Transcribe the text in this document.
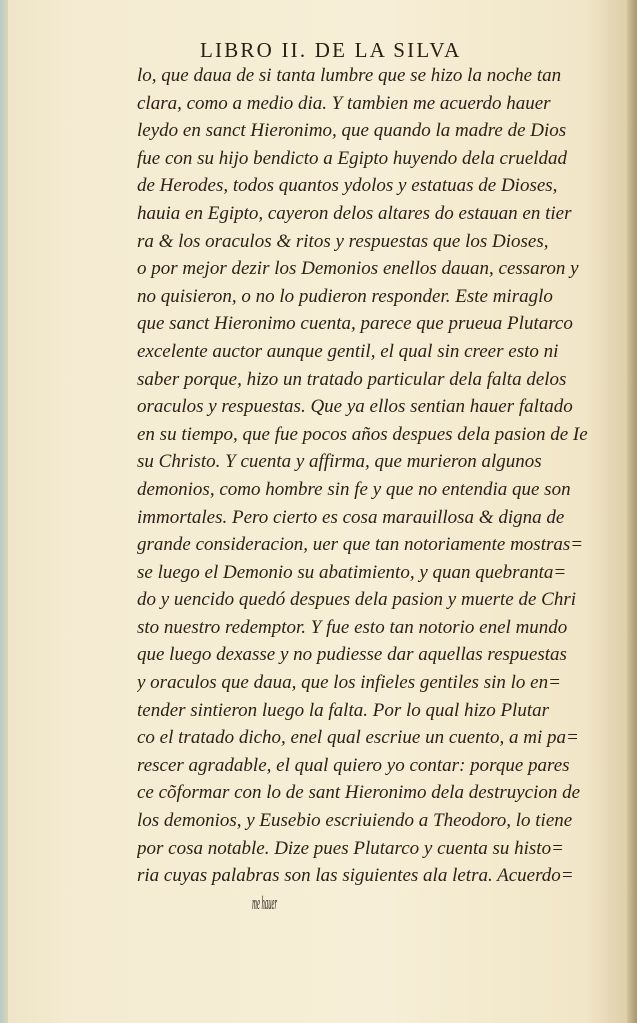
LIBRO II. DE LA SILVA
lo, que daua de si tanta lumbre que se hizo la noche tan
clara, como a medio dia. Y tambien me acuerdo hauer
leydo en sanct Hieronimo, que quando la madre de Dios
fue con su hijo bendicto a Egipto huyendo dela crueldad
de Herodes, todos quantos ydolos y estatuas de Dioses,
hauia en Egipto, cayeron delos altares do estauan en tier
ra & los oraculos & ritos y respuestas que los Dioses,
o por mejor dezir los Demonios enellos dauan, cessaron y
no quisieron, o no lo pudieron responder. Este miraglo
que sanct Hieronimo cuenta, parece que prueua Plutarco
excelente auctor aunque gentil, el qual sin creer esto ni
saber porque, hizo un tratado particular dela falta delos
oraculos y respuestas. Que ya ellos sentian hauer faltado
en su tiempo, que fue pocos años despues dela pasion de Ie
su Christo. Y cuenta y affirma, que murieron algunos
demonios, como hombre sin fe y que no entendia que son
immortales. Pero cierto es cosa marauillosa & digna de
grande consideracion, uer que tan notoriamente mostras=
se luego el Demonio su abatimiento, y quan quebranta=
do y uencido quedó despues dela pasion y muerte de Chri
sto nuestro redemptor. Y fue esto tan notorio enel mundo
que luego dexasse y no pudiesse dar aquellas respuestas
y oraculos que daua, que los infieles gentiles sin lo en=
tender sintieron luego la falta. Por lo qual hizo Plutar
co el tratado dicho, enel qual escriue un cuento, a mi pa=
rescer agradable, el qual quiero yo contar: porque pares
ce cõformar con lo de sant Hieronimo dela destruycion de
los demonios, y Eusebio escriuiendo a Theodoro, lo tiene
por cosa notable. Dize pues Plutarco y cuenta su histo=
ria cuyas palabras son las siguientes ala letra. Acuerdo=
me hauer
